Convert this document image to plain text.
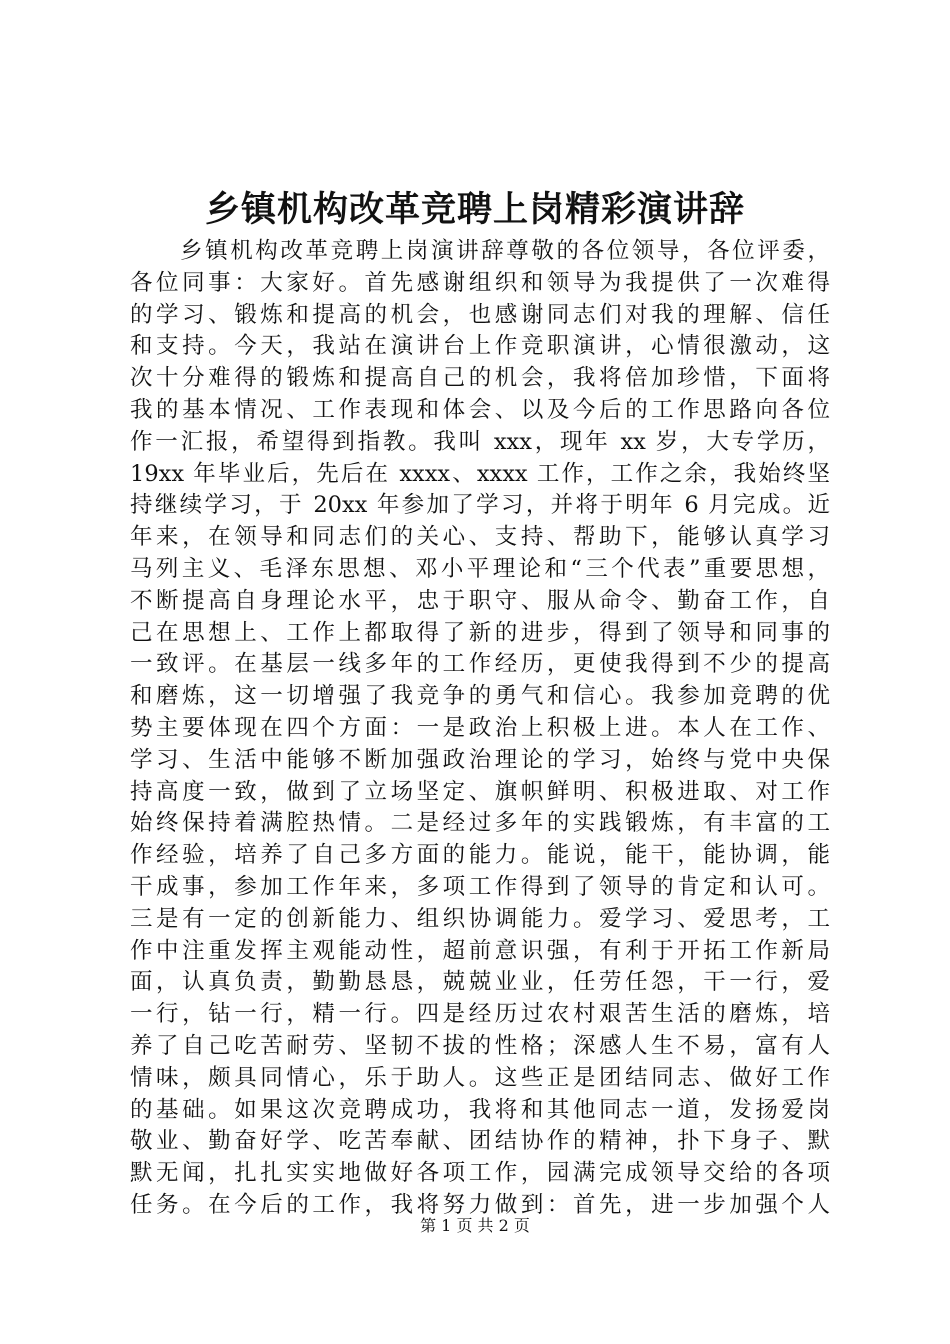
乡镇机构改革竞聘上岗精彩演讲辞
乡镇机构改革竞聘上岗演讲辞尊敬的各位领导，各位评委，
各位同事：大家好。首先感谢组织和领导为我提供了一次难得
的学习、锻炼和提高的机会，也感谢同志们对我的理解、信任
和支持。今天，我站在演讲台上作竞职演讲，心情很激动，这
次十分难得的锻炼和提高自己的机会，我将倍加珍惜，下面将
我的基本情况、工作表现和体会、以及今后的工作思路向各位
作一汇报，希望得到指教。我叫 xxx，现年 xx 岁，大专学历，
19xx 年毕业后，先后在 xxxx、xxxx 工作，工作之余，我始终坚
持继续学习，于 20xx 年参加了学习，并将于明年 6 月完成。近
年来，在领导和同志们的关心、支持、帮助下，能够认真学习
马列主义、毛泽东思想、邓小平理论和“三个代表”重要思想，
不断提高自身理论水平，忠于职守、服从命令、勤奋工作，自
己在思想上、工作上都取得了新的进步，得到了领导和同事的
一致评。在基层一线多年的工作经历，更使我得到不少的提高
和磨炼，这一切增强了我竞争的勇气和信心。我参加竞聘的优
势主要体现在四个方面：一是政治上积极上进。本人在工作、
学习、生活中能够不断加强政治理论的学习，始终与党中央保
持高度一致，做到了立场坚定、旗帜鲜明、积极进取、对工作
始终保持着满腔热情。二是经过多年的实践锻炼，有丰富的工
作经验，培养了自己多方面的能力。能说，能干，能协调，能
干成事，参加工作年来，多项工作得到了领导的肯定和认可。
三是有一定的创新能力、组织协调能力。爱学习、爱思考，工
作中注重发挥主观能动性，超前意识强，有利于开拓工作新局
面，认真负责，勤勤恳恳，兢兢业业，任劳任怨，干一行，爱
一行，钻一行，精一行。四是经历过农村艰苦生活的磨炼，培
养了自己吃苦耐劳、坚韧不拔的性格；深感人生不易，富有人
情味，颇具同情心，乐于助人。这些正是团结同志、做好工作
的基础。如果这次竞聘成功，我将和其他同志一道，发扬爱岗
敬业、勤奋好学、吃苦奉献、团结协作的精神，扑下身子、默
默无闻，扎扎实实地做好各项工作，园满完成领导交给的各项
任务。在今后的工作，我将努力做到：首先，进一步加强个人
第 1 页 共 2 页
